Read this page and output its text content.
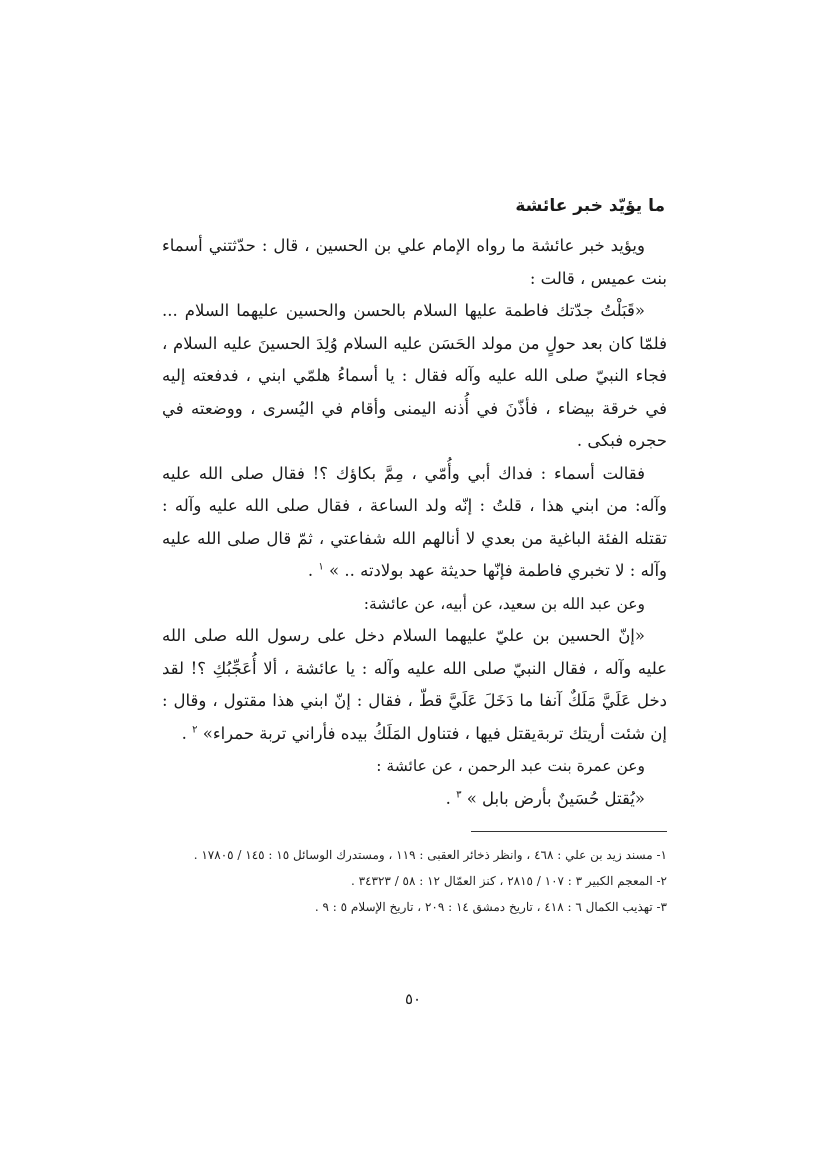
ما يؤيّد خبر عائشة

ويؤيد خبر عائشة ما رواه الإمام علي بن الحسين ، قال : حدّثتني أسماء بنت عميس ، قالت :

«قَبَلْتُ جدّتك فاطمة عليها السلام بالحسن والحسين عليهما السلام ... فلمّا كان بعد حولٍ من مولد الحَسَن عليه السلام وُلِدَ الحسينَ عليه السلام ، فجاء النبيّ صلى الله عليه وآله فقال : يا أسماءُ هلمّي ابني ، فدفعته إليه في خرقة بيضاء ، فأذّنَ في أُذنه اليمنى وأقام في اليُسرى ، ووضعته في حجره فبكى .

فقالت أسماء : فداك أبي وأُمّي ، مِمَّ بكاؤك ؟! فقال صلى الله عليه وآله: من ابني هذا ، قلتُ : إنّه ولد الساعة ، فقال صلى الله عليه وآله : تقتله الفئة الباغية من بعدي لا أنالهم الله شفاعتي ، ثمّ قال صلى الله عليه وآله : لا تخبري فاطمة فإنّها حديثة عهد بولادته .. » $^١$ .

وعن عبد الله بن سعيد، عن أبيه، عن عائشة:

«إنّ الحسين بن عليّ عليهما السلام دخل على رسول الله صلى الله عليه وآله ، فقال النبيّ صلى الله عليه وآله : يا عائشة ، ألا أُعَجِّبُكِ ؟! لقد دخل عَلَيَّ مَلَكٌ آنفا ما دَخَلَ عَلَيَّ قطّ ، فقال : إنّ ابني هذا مقتول ، وقال : إن شئت أريتك تربةيقتل فيها ، فتناول المَلَكُ بيده فأراني تربة حمراء» $^٢$ .

وعن عمرة بنت عبد الرحمن ، عن عائشة :

«يُقتل حُسَينٌ بأرض بابل » $^٣$ .

١- مسند زيد بن علي : ٤٦٨ ، وانظر ذخائر العقبى : ١١٩ ، ومستدرك الوسائل ١٥ : ١٤٥ / ١٧٨٠٥ .

٢- المعجم الكبير ٣ : ١٠٧ / ٢٨١٥ ، كنز العمّال ١٢ : ٥٨ / ٣٤٣٢٣ .

٣- تهذيب الكمال ٦ : ٤١٨ ، تاريخ دمشق ١٤ : ٢٠٩ ، تاريخ الإسلام ٥ : ٩ .

٥٠
